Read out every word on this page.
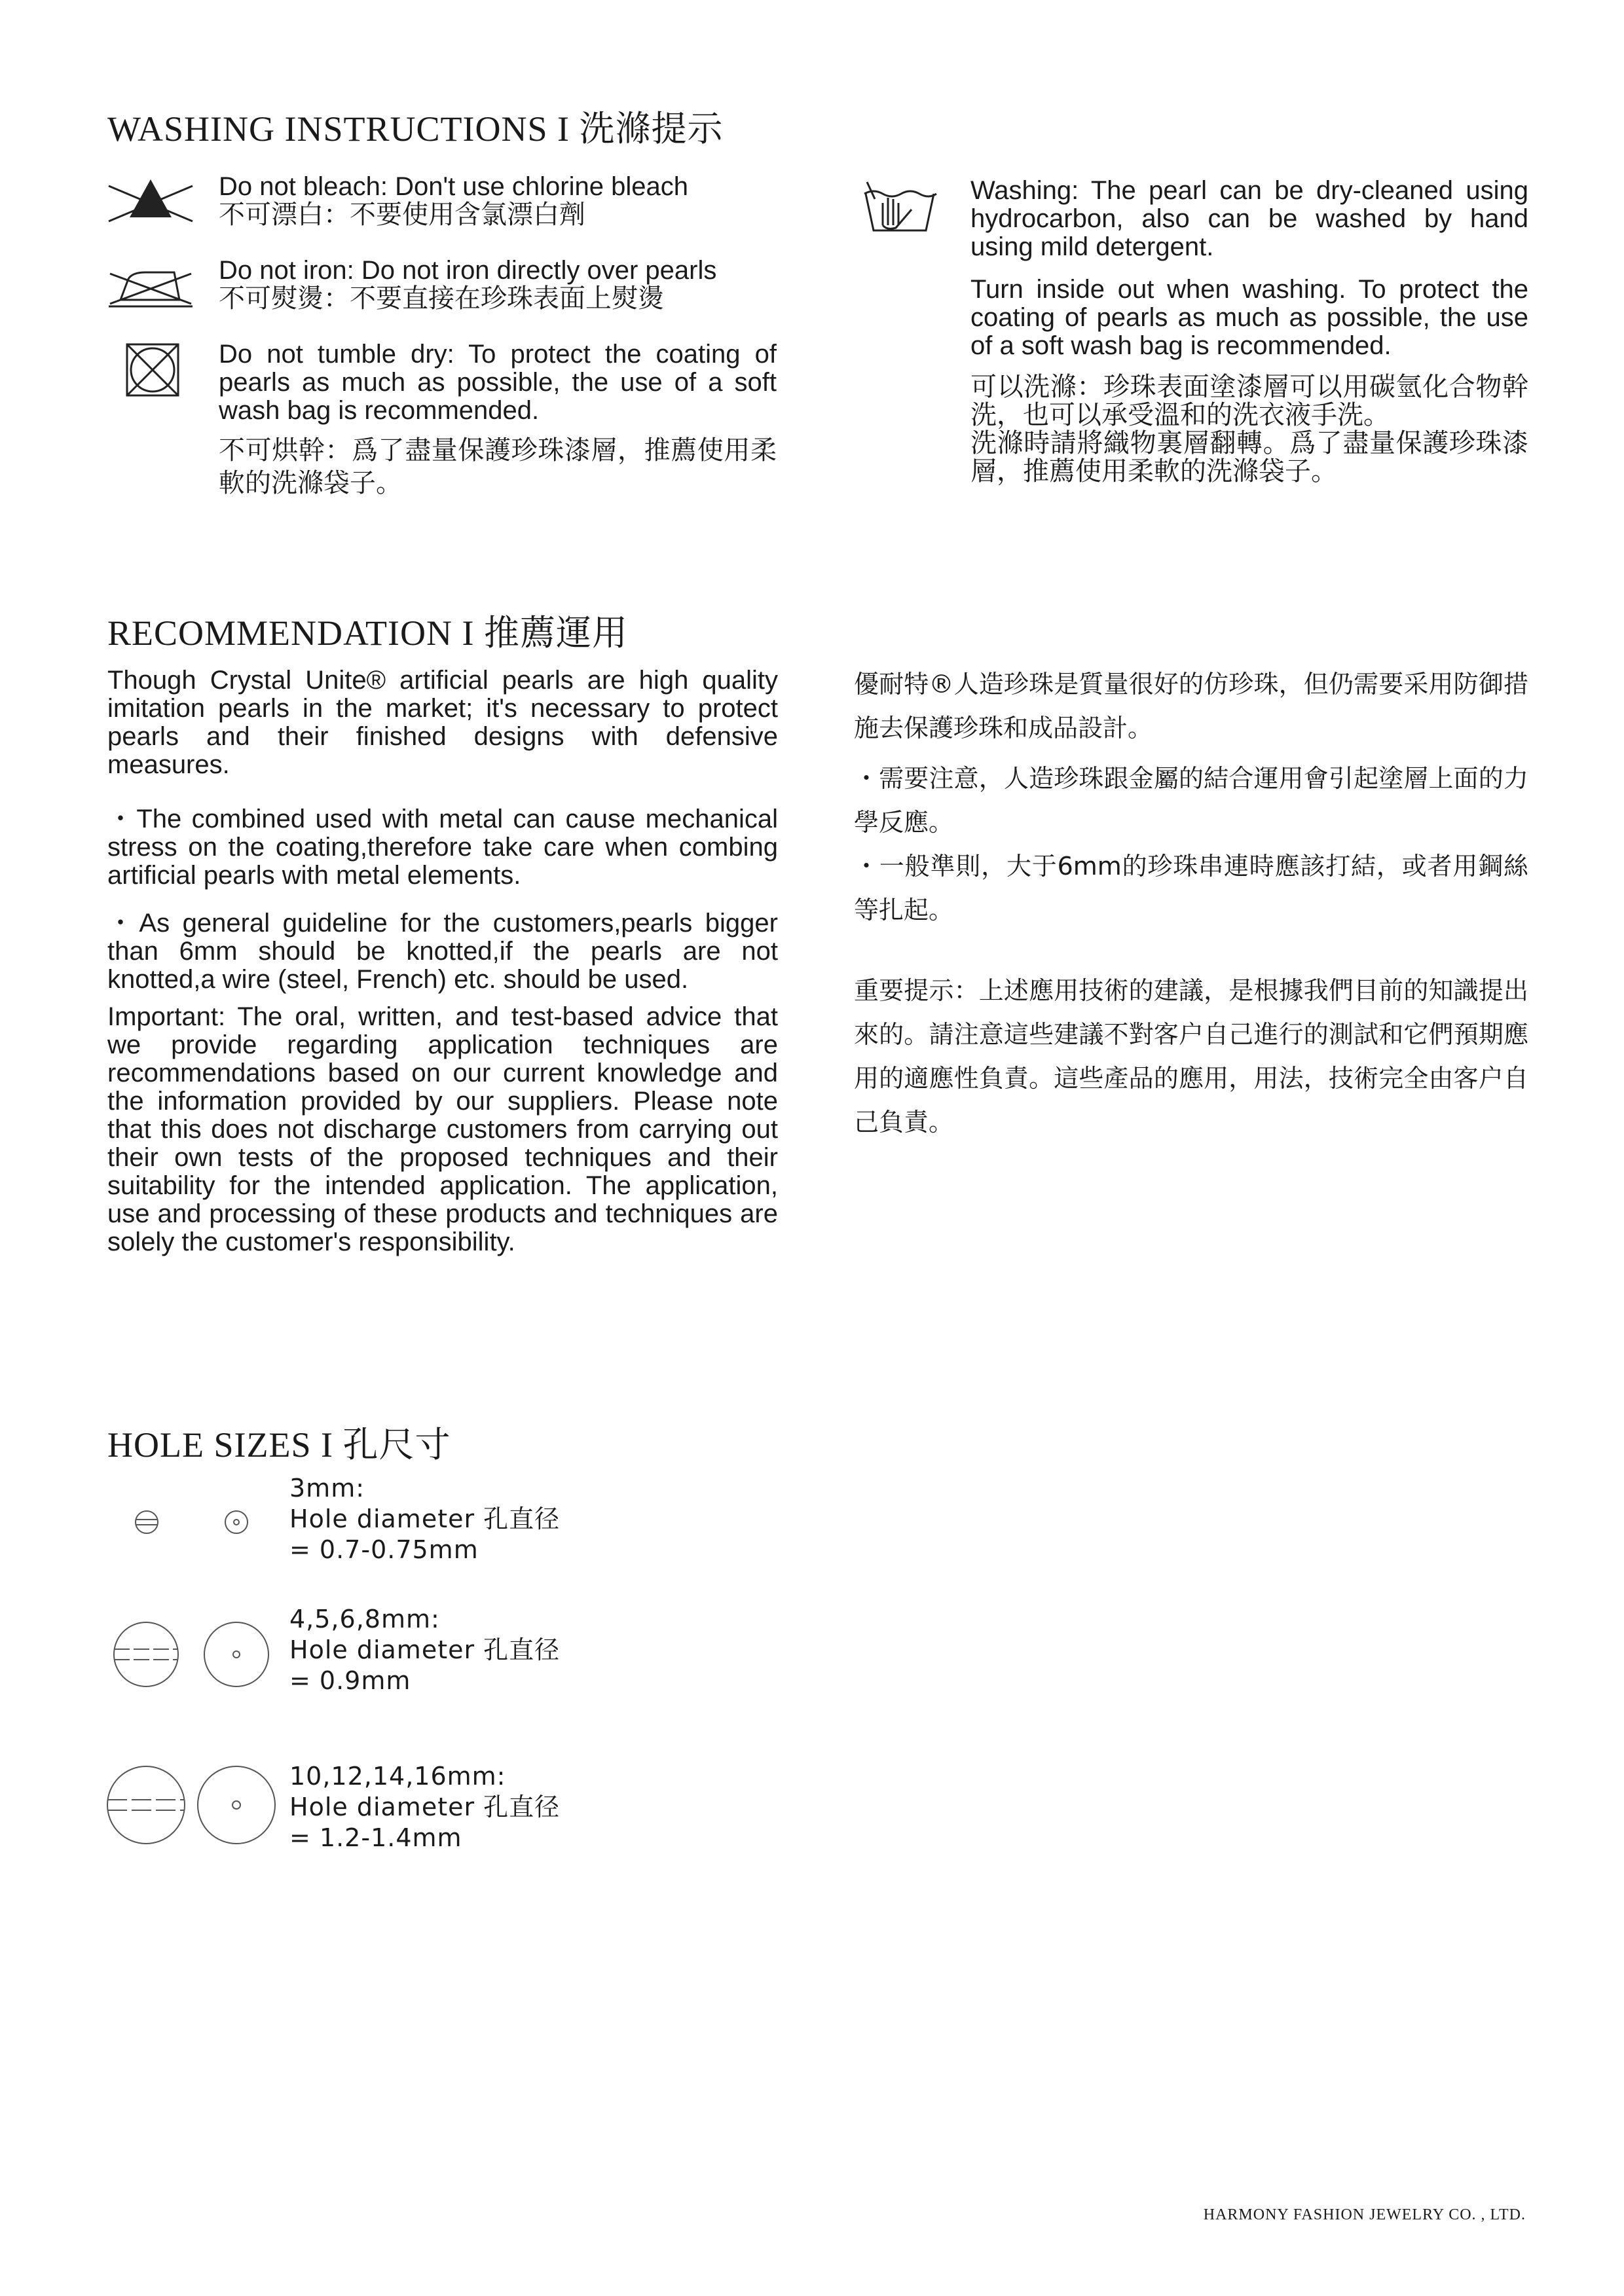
WASHING INSTRUCTIONS I 洗滌提示

Do not bleach: Don't use chlorine bleach

不可漂白：不要使用含氯漂白劑

Do not iron: Do not iron directly over pearls

不可熨燙：不要直接在珍珠表面上熨燙

Do not tumble dry: To protect the coating of pearls as much as possible, the use of a soft wash bag is recommended.

不可烘幹：爲了盡量保護珍珠漆層，推薦使用柔軟的洗滌袋子。

Washing: The pearl can be dry-cleaned using hydrocarbon, also can be washed by hand using mild detergent.

Turn inside out when washing. To protect the coating of pearls as much as possible, the use of a soft wash bag is recommended.

可以洗滌：珍珠表面塗漆層可以用碳氫化合物幹洗，也可以承受溫和的洗衣液手洗。

洗滌時請將織物裏層翻轉。爲了盡量保護珍珠漆層，推薦使用柔軟的洗滌袋子。

RECOMMENDATION I 推薦運用

Though Crystal Unite® artificial pearls are high quality imitation pearls in the market; it's necessary to protect pearls and their finished designs with defensive measures.

・The combined used with metal can cause mechanical stress on the coating,therefore take care when combing artificial pearls with metal elements.

・As general guideline for the customers,pearls bigger than 6mm should be knotted,if the pearls are not knotted,a wire (steel, French) etc. should be used.

Important: The oral, written, and test-based advice that we provide regarding application techniques are recommendations based on our current knowledge and the information provided by our suppliers. Please note that this does not discharge customers from carrying out their own tests of the proposed techniques and their suitability for the intended application. The application, use and processing of these products and techniques are solely the customer's responsibility.

優耐特®人造珍珠是質量很好的仿珍珠，但仍需要采用防御措施去保護珍珠和成品設計。

・需要注意，人造珍珠跟金屬的結合運用會引起塗層上面的力學反應。

・一般準則，大于6mm的珍珠串連時應該打結，或者用鋼絲等扎起。

重要提示：上述應用技術的建議，是根據我們目前的知識提出來的。請注意這些建議不對客户自己進行的測試和它們預期應用的適應性負責。這些產品的應用，用法，技術完全由客户自己負責。

HOLE SIZES I 孔尺寸
3mm:
Hole diameter 孔直径
= 0.7-0.75mm
4,5,6,8mm:
Hole diameter 孔直径
= 0.9mm
10,12,14,16mm:
Hole diameter 孔直径
= 1.2-1.4mm
HARMONY FASHION JEWELRY CO. , LTD.
